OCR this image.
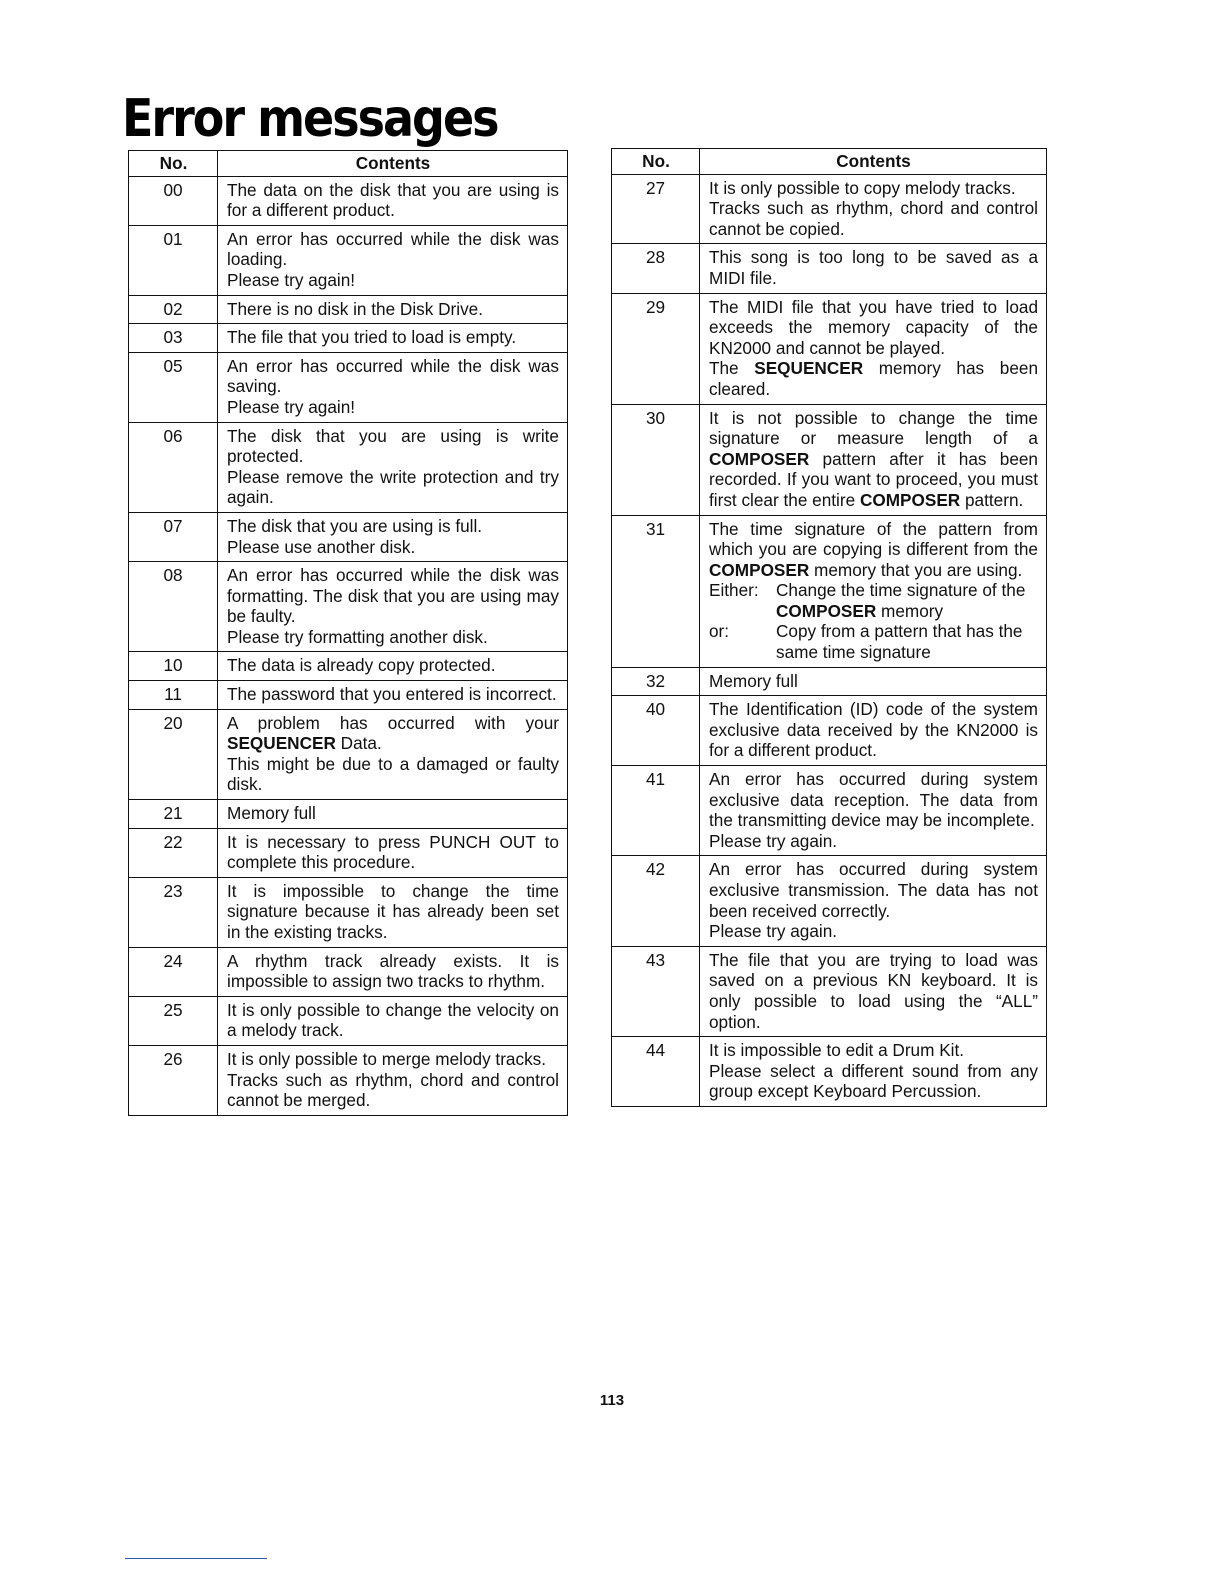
Error messages
No.	Contents
00	The data on the disk that you are using is for a different product.

01	An error has occurred while the disk was loading.
Please try again!

02	There is no disk in the Disk Drive.

03	The file that you tried to load is empty.

05	An error has occurred while the disk was saving.
Please try again!

06	The disk that you are using is write protected.
Please remove the write protection and try again.

07	The disk that you are using is full.
Please use another disk.

08	An error has occurred while the disk was formatting. The disk that you are using may be faulty.
Please try formatting another disk.

10	The data is already copy protected.

11	The password that you entered is incorrect.

20	A problem has occurred with your SEQUENCER Data.
This might be due to a damaged or faulty disk.

21	Memory full

22	It is necessary to press PUNCH OUT to complete this procedure.

23	It is impossible to change the time signature because it has already been set in the existing tracks.

24	A rhythm track already exists. It is impossible to assign two tracks to rhythm.

25	It is only possible to change the velocity on a melody track.

26	It is only possible to merge melody tracks.
Tracks such as rhythm, chord and control cannot be merged.
No.	Contents
27	It is only possible to copy melody tracks.
Tracks such as rhythm, chord and control cannot be copied.

28	This song is too long to be saved as a MIDI file.

29	The MIDI file that you have tried to load exceeds the memory capacity of the KN2000 and cannot be played.
The SEQUENCER memory has been cleared.

30	It is not possible to change the time signature or measure length of a COMPOSER pattern after it has been recorded. If you want to proceed, you must first clear the entire COMPOSER pattern.

31	The time signature of the pattern from which you are copying is different from the COMPOSER memory that you are using.
Either:	Change the time signature of the COMPOSER memory
or:	Copy from a pattern that has the same time signature

32	Memory full

40	The Identification (ID) code of the system exclusive data received by the KN2000 is for a different product.

41	An error has occurred during system exclusive data reception. The data from the transmitting device may be incomplete.
Please try again.

42	An error has occurred during system exclusive transmission. The data has not been received correctly.
Please try again.

43	The file that you are trying to load was saved on a previous KN keyboard. It is only possible to load using the “ALL” option.

44	It is impossible to edit a Drum Kit.
Please select a different sound from any group except Keyboard Percussion.
113
